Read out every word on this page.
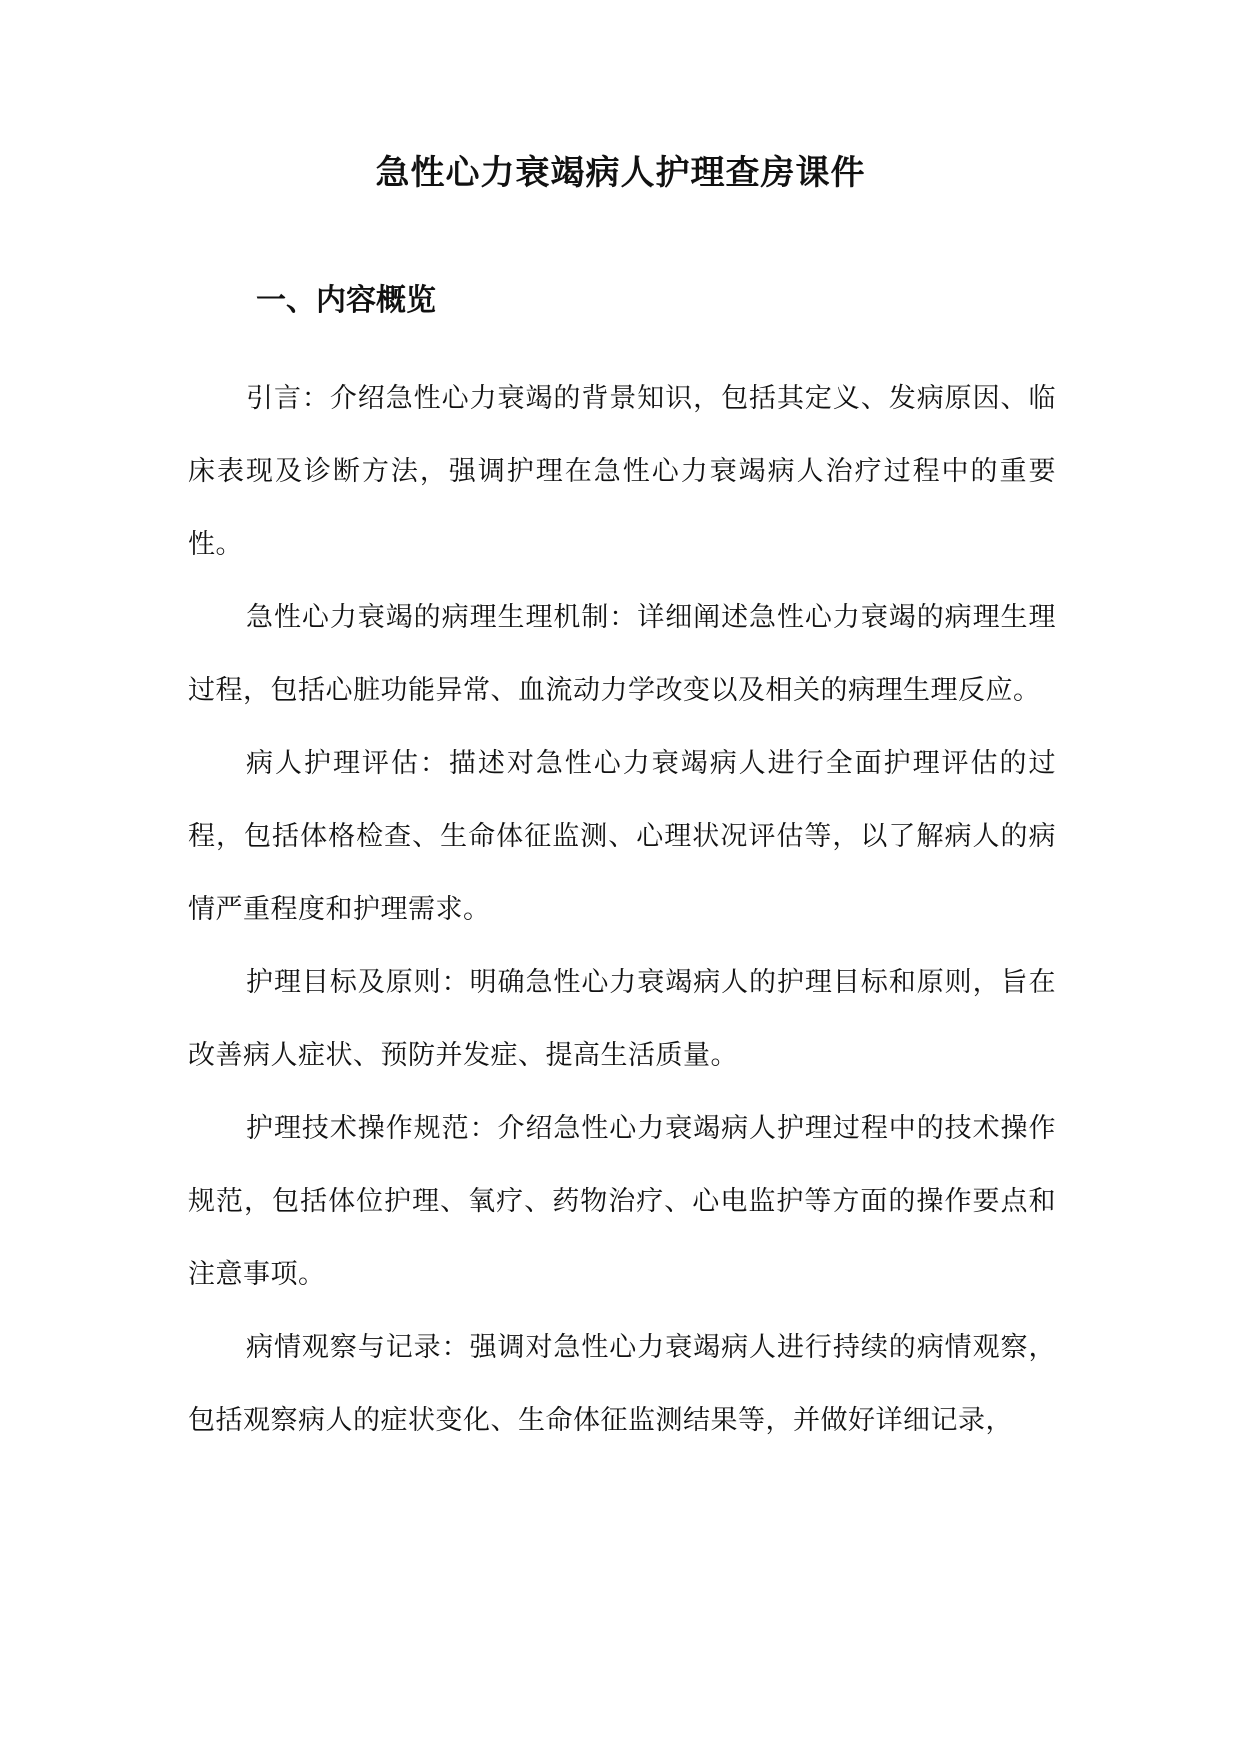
急性心力衰竭病人护理查房课件
一、内容概览

引言：介绍急性心力衰竭的背景知识，包括其定义、发病原因、临床表现及诊断方法，强调护理在急性心力衰竭病人治疗过程中的重要性。

急性心力衰竭的病理生理机制：详细阐述急性心力衰竭的病理生理过程，包括心脏功能异常、血流动力学改变以及相关的病理生理反应。

病人护理评估：描述对急性心力衰竭病人进行全面护理评估的过程，包括体格检查、生命体征监测、心理状况评估等，以了解病人的病情严重程度和护理需求。

护理目标及原则：明确急性心力衰竭病人的护理目标和原则，旨在改善病人症状、预防并发症、提高生活质量。

护理技术操作规范：介绍急性心力衰竭病人护理过程中的技术操作规范，包括体位护理、氧疗、药物治疗、心电监护等方面的操作要点和注意事项。

病情观察与记录：强调对急性心力衰竭病人进行持续的病情观察，包括观察病人的症状变化、生命体征监测结果等，并做好详细记录，
